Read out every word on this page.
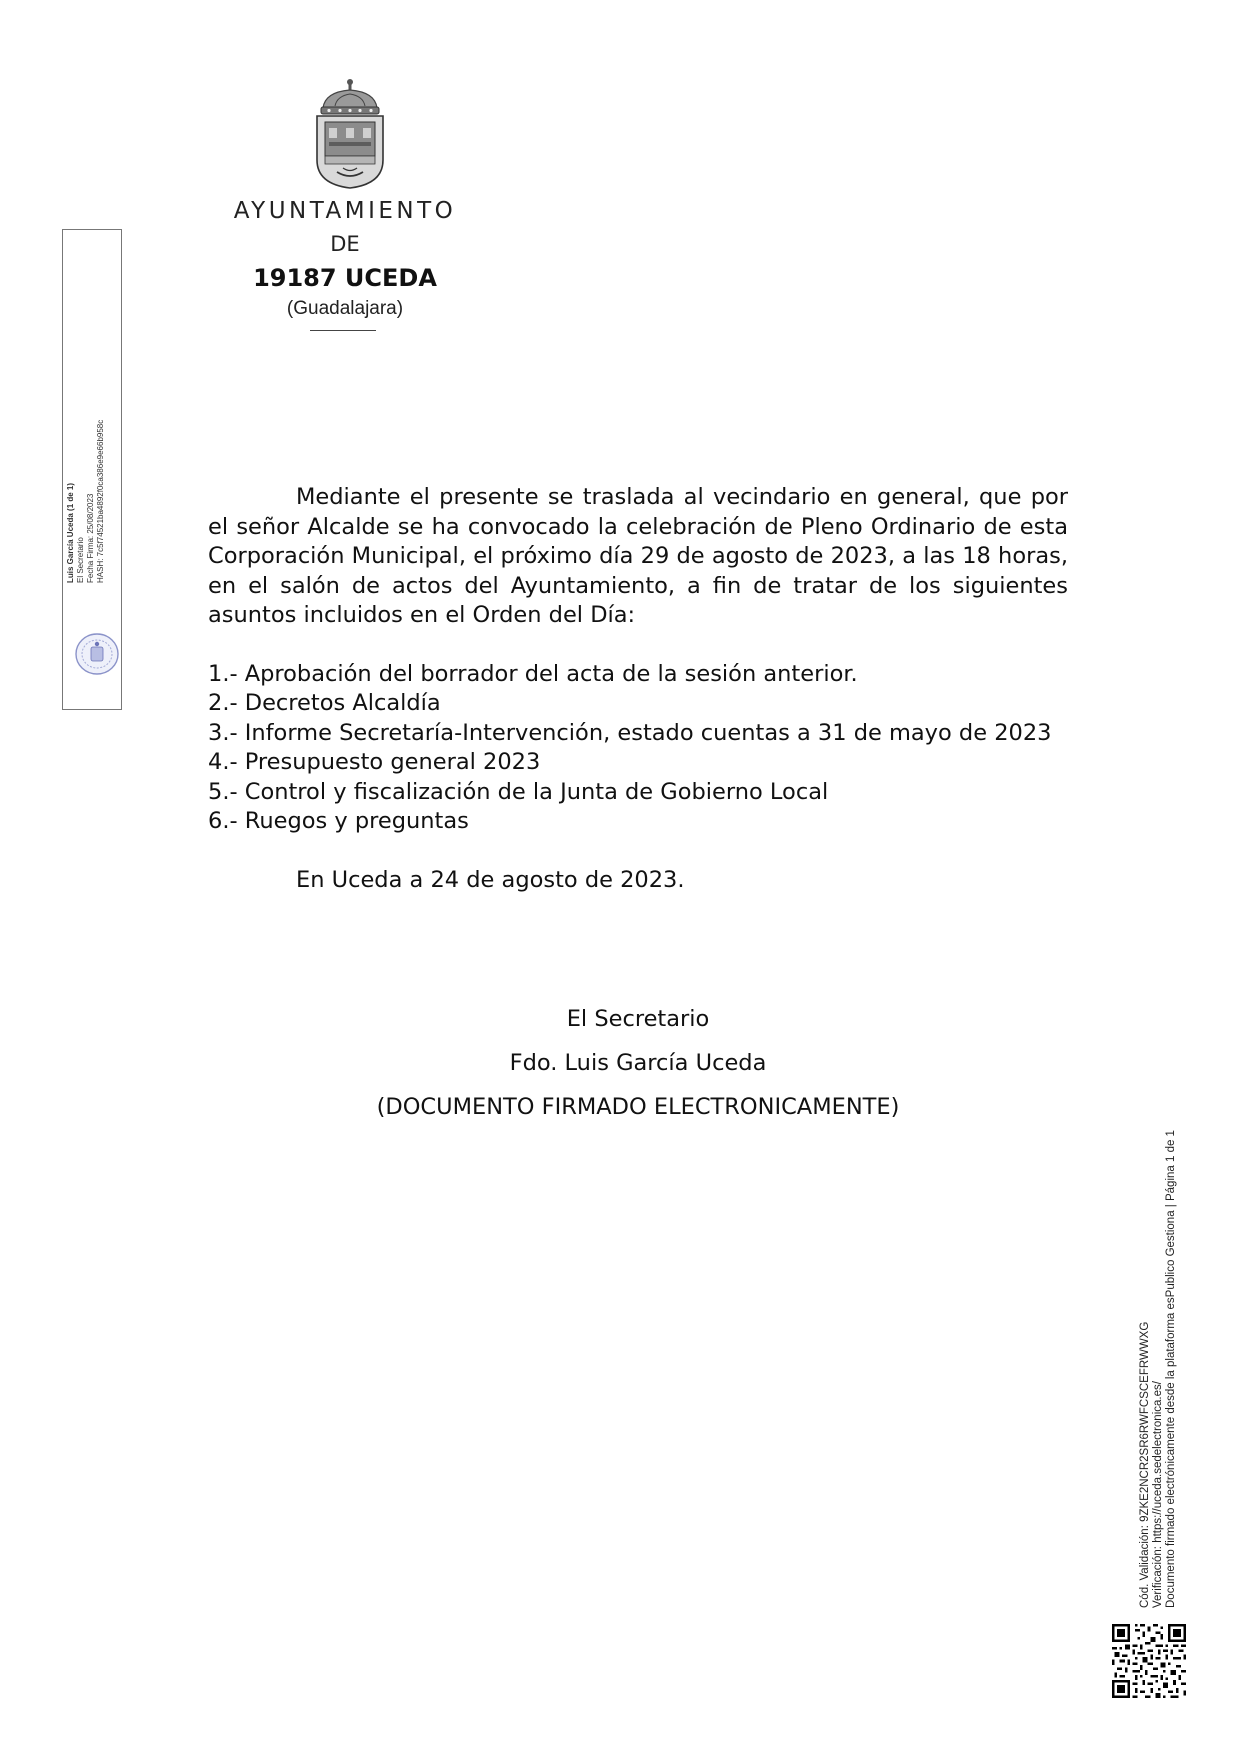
AYUNTAMIENTO
DE
19187 UCEDA
(Guadalajara)
Luis García Uceda (1 de 1) El Secretario Fecha Firma: 25/08/2023 HASH: 7c5f74521ba4892f0ca386e9e66b958c	Mediante el presente se traslada al vecindario en general, que por el señor Alcalde se ha convocado la celebración de Pleno Ordinario de esta Corporación Municipal, el próximo día 29 de agosto de 2023, a las 18 horas, en el salón de actos del Ayuntamiento, a fin de tratar de los siguientes asuntos incluidos en el Orden del Día:

1.- Aprobación del borrador del acta de la sesión anterior.
2.- Decretos Alcaldía
3.- Informe Secretaría-Intervención, estado cuentas a 31 de mayo de 2023
4.- Presupuesto general 2023
5.- Control y fiscalización de la Junta de Gobierno Local
6.- Ruegos y preguntas
En Uceda a 24 de agosto de 2023.
El Secretario
Fdo. Luis García Uceda
(DOCUMENTO FIRMADO ELECTRONICAMENTE)
Cód. Validación: 9ZKE2NCR2SR6RWFCSCEFRWWXG Verificación: https://uceda.sedelectronica.es/ Documento firmado electrónicamente desde la plataforma esPublico Gestiona | Página 1 de 1
